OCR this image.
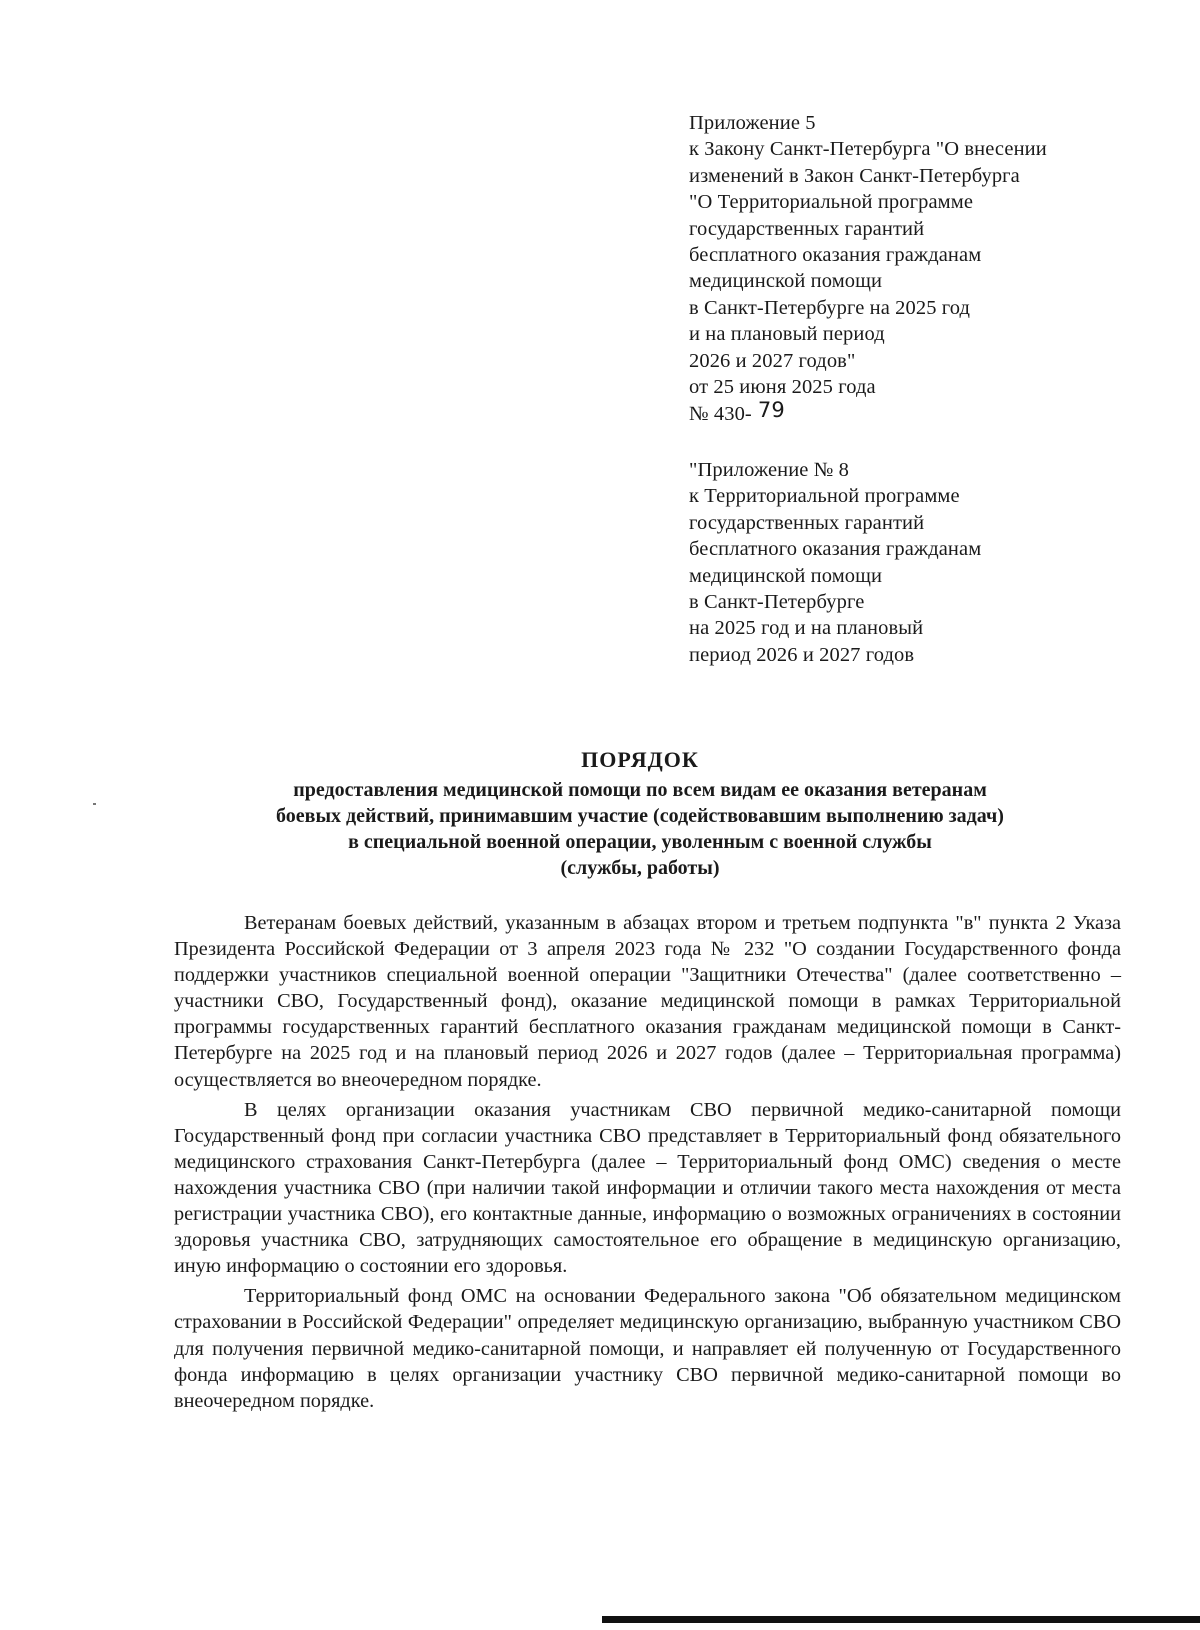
Приложение 5
к Закону Санкт-Петербурга "О внесении
изменений в Закон Санкт-Петербурга
"О Территориальной программе
государственных гарантий
бесплатного оказания гражданам
медицинской помощи
в Санкт-Петербурге на 2025 год
и на плановый период
2026 и 2027 годов"
от 25 июня 2025 года
№ 430- 79
"Приложение № 8
к Территориальной программе
государственных гарантий
бесплатного оказания гражданам
медицинской помощи
в Санкт-Петербурге
на 2025 год и на плановый
период 2026 и 2027 годов
ПОРЯДОК
предоставления медицинской помощи по всем видам ее оказания ветеранам
боевых действий, принимавшим участие (содействовавшим выполнению задач)
в специальной военной операции, уволенным с военной службы
(службы, работы)

Ветеранам боевых действий, указанным в абзацах втором и третьем подпункта "в" пункта 2 Указа Президента Российской Федерации от 3 апреля 2023 года № 232 "О создании Государственного фонда поддержки участников специальной военной операции "Защитники Отечества" (далее соответственно – участники СВО, Государственный фонд), оказание медицинской помощи в рамках Территориальной программы государственных гарантий бесплатного оказания гражданам медицинской помощи в Санкт-Петербурге на 2025 год и на плановый период 2026 и 2027 годов (далее – Территориальная программа) осуществляется во внеочередном порядке.

В целях организации оказания участникам СВО первичной медико-санитарной помощи Государственный фонд при согласии участника СВО представляет в Территориальный фонд обязательного медицинского страхования Санкт-Петербурга (далее – Территориальный фонд ОМС) сведения о месте нахождения участника СВО (при наличии такой информации и отличии такого места нахождения от места регистрации участника СВО), его контактные данные, информацию о возможных ограничениях в состоянии здоровья участника СВО, затрудняющих самостоятельное его обращение в медицинскую организацию, иную информацию о состоянии его здоровья.

Территориальный фонд ОМС на основании Федерального закона "Об обязательном медицинском страховании в Российской Федерации" определяет медицинскую организацию, выбранную участником СВО для получения первичной медико-санитарной помощи, и направляет ей полученную от Государственного фонда информацию в целях организации участнику СВО первичной медико-санитарной помощи во внеочередном порядке.
